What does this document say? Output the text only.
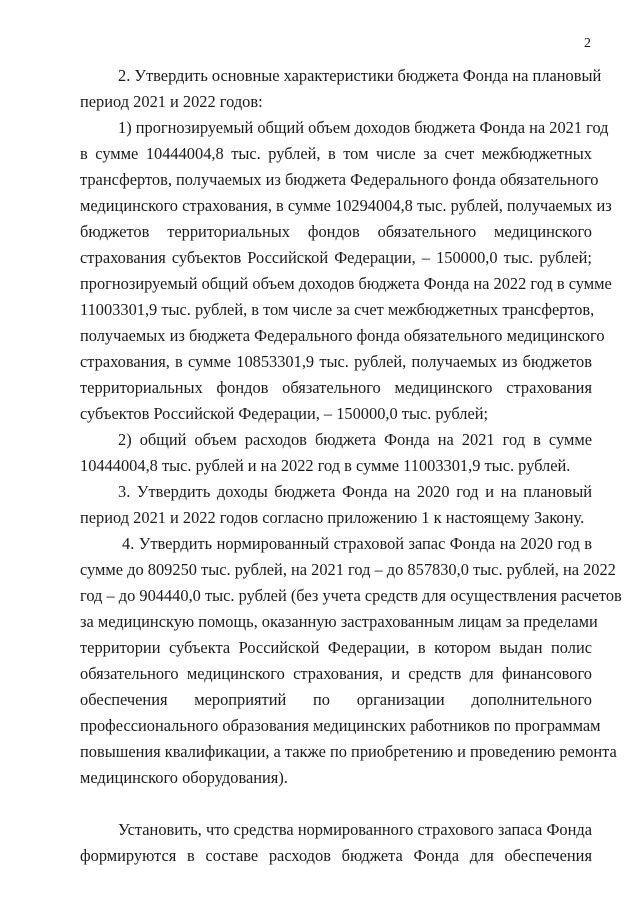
2
2. Утвердить основные характеристики бюджета Фонда на плановый
период 2021 и 2022 годов:
1) прогнозируемый общий объем доходов бюджета Фонда на 2021 год
в сумме 10444004,8 тыс. рублей, в том числе за счет межбюджетных
трансфертов, получаемых из бюджета Федерального фонда обязательного
медицинского страхования, в сумме 10294004,8 тыс. рублей, получаемых из
бюджетов территориальных фондов обязательного медицинского
страхования субъектов Российской Федерации, – 150000,0 тыс. рублей;
прогнозируемый общий объем доходов бюджета Фонда на 2022 год в сумме
11003301,9 тыс. рублей, в том числе за счет межбюджетных трансфертов,
получаемых из бюджета Федерального фонда обязательного медицинского
страхования, в сумме 10853301,9 тыс. рублей, получаемых из бюджетов
территориальных фондов обязательного медицинского страхования
субъектов Российской Федерации, – 150000,0 тыс. рублей;
2) общий объем расходов бюджета Фонда на 2021 год в сумме
10444004,8 тыс. рублей и на 2022 год в сумме 11003301,9 тыс. рублей.
3. Утвердить доходы бюджета Фонда на 2020 год и на плановый
период 2021 и 2022 годов согласно приложению 1 к настоящему Закону.
4. Утвердить нормированный страховой запас Фонда на 2020 год в
сумме до 809250 тыс. рублей, на 2021 год – до 857830,0 тыс. рублей, на 2022
год – до 904440,0 тыс. рублей (без учета средств для осуществления расчетов
за медицинскую помощь, оказанную застрахованным лицам за пределами
территории субъекта Российской Федерации, в котором выдан полис
обязательного медицинского страхования, и средств для финансового
обеспечения мероприятий по организации дополнительного
профессионального образования медицинских работников по программам
повышения квалификации, а также по приобретению и проведению ремонта
медицинского оборудования).
Установить, что средства нормированного страхового запаса Фонда
формируются в составе расходов бюджета Фонда для обеспечения
